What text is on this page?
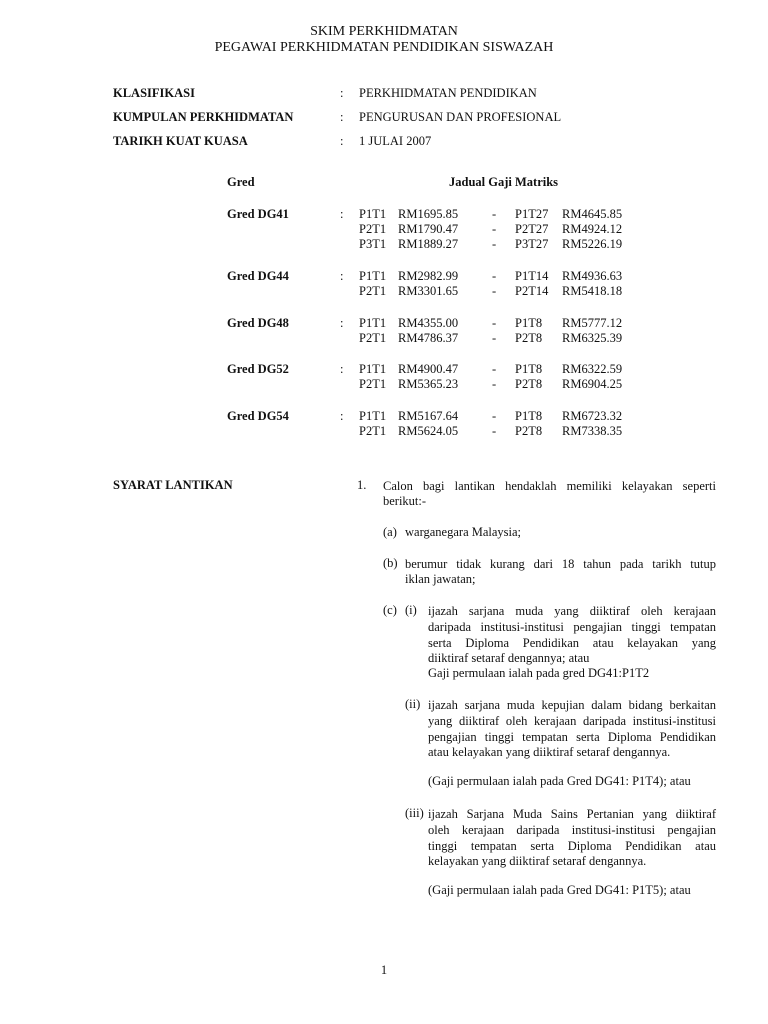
SKIM PERKHIDMATAN
PEGAWAI PERKHIDMATAN PENDIDIKAN SISWAZAH
KLASIFIKASI	: PERKHIDMATAN PENDIDIKAN
KUMPULAN PERKHIDMATAN	: PENGURUSAN DAN PROFESIONAL
TARIKH KUAT KUASA	: 1 JULAI 2007
Gred	Jadual Gaji Matriks
Gred DG41	: P1T1 RM1695.85	- P1T27 RM4645.85
P2T1 RM1790.47	- P2T27 RM4924.12
P3T1 RM1889.27	- P3T27 RM5226.19
Gred DG44	: P1T1 RM2982.99	- P1T14 RM4936.63
P2T1 RM3301.65	- P2T14 RM5418.18
Gred DG48	: P1T1 RM4355.00	- P1T8 RM5777.12
P2T1 RM4786.37	- P2T8 RM6325.39
Gred DG52	: P1T1 RM4900.47	- P1T8 RM6322.59
P2T1 RM5365.23	- P2T8 RM6904.25
Gred DG54	: P1T1 RM5167.64	- P1T8 RM6723.32
P2T1 RM5624.05	- P2T8 RM7338.35
SYARAT LANTIKAN	1. Calon bagi lantikan hendaklah memiliki kelayakan seperti
berikut:-
(a) warganegara Malaysia;
(b) berumur tidak kurang dari 18 tahun pada tarikh tutup
iklan jawatan;
(c) (i) ijazah sarjana muda yang diiktiraf oleh kerajaan
daripada institusi-institusi pengajian tinggi tempatan
serta Diploma Pendidikan atau kelayakan yang
diiktiraf setaraf dengannya; atau
Gaji permulaan ialah pada gred DG41:P1T2
(ii) ijazah sarjana muda kepujian dalam bidang berkaitan
yang diiktiraf oleh kerajaan daripada institusi-institusi
pengajian tinggi tempatan serta Diploma Pendidikan
atau kelayakan yang diiktiraf setaraf dengannya.
(Gaji permulaan ialah pada Gred DG41: P1T4); atau
(iii) ijazah Sarjana Muda Sains Pertanian yang diiktiraf
oleh kerajaan daripada institusi-institusi pengajian
tinggi tempatan serta Diploma Pendidikan atau
kelayakan yang diiktiraf setaraf dengannya.
(Gaji permulaan ialah pada Gred DG41: P1T5); atau
1
